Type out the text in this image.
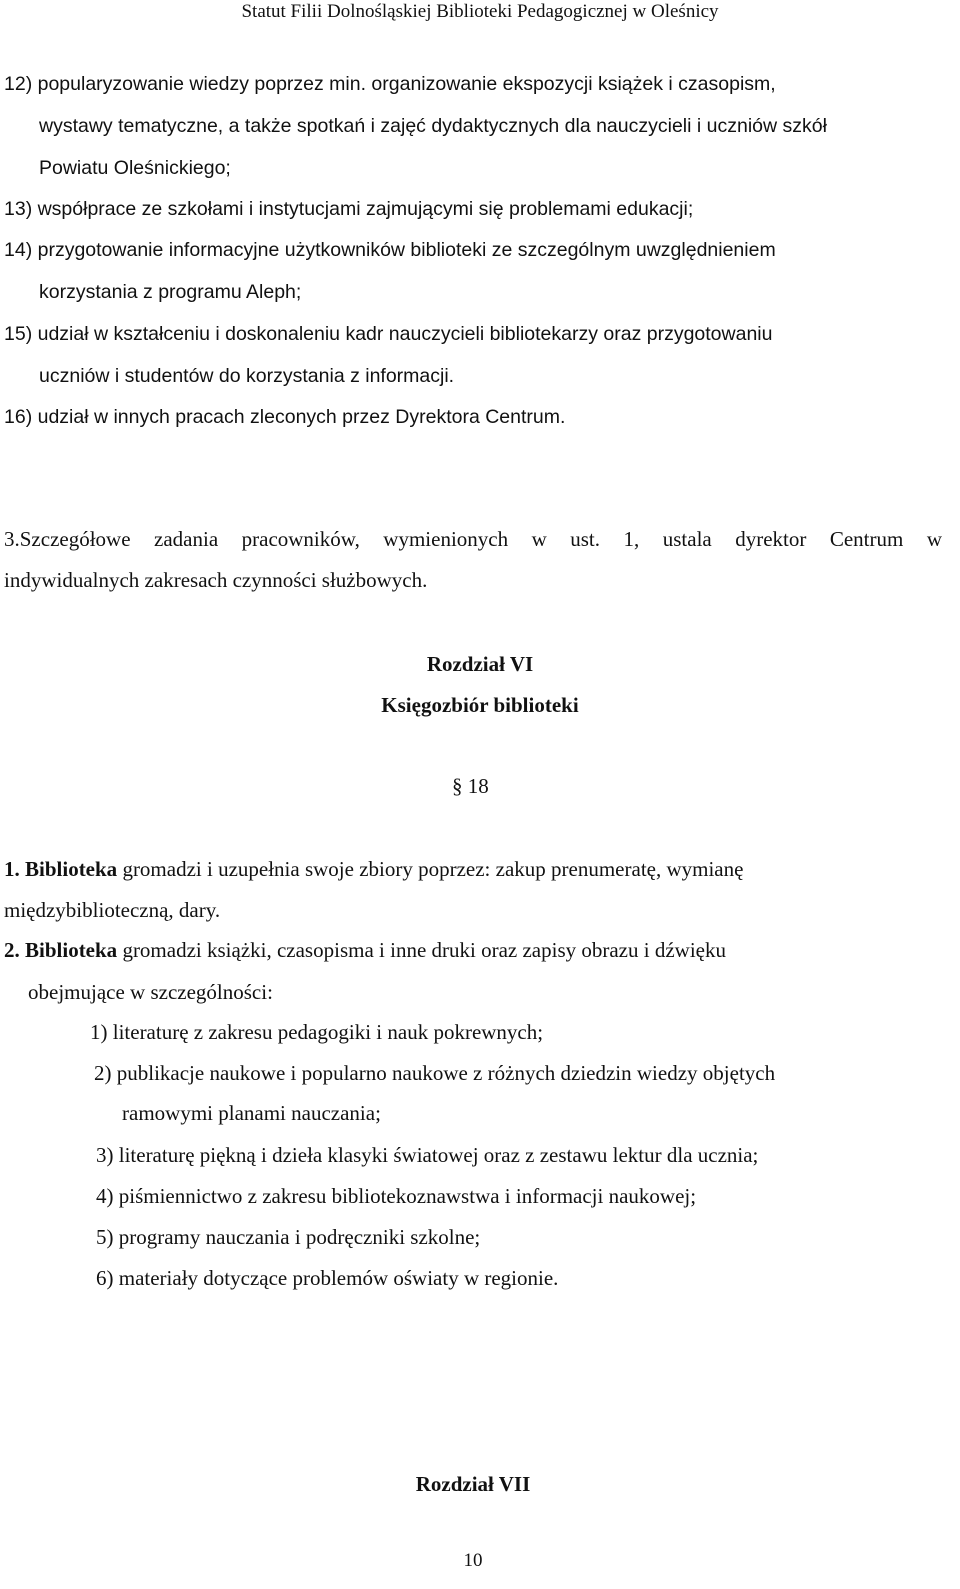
Statut Filii Dolnośląskiej Biblioteki Pedagogicznej w Oleśnicy
12) popularyzowanie wiedzy poprzez min. organizowanie ekspozycji książek i czasopism,
wystawy tematyczne, a także spotkań i zajęć dydaktycznych dla nauczycieli i uczniów szkół
Powiatu Oleśnickiego;
13) współprace ze szkołami i instytucjami zajmującymi się problemami edukacji;
14) przygotowanie informacyjne użytkowników biblioteki ze szczególnym uwzględnieniem
korzystania z programu Aleph;
15) udział w kształceniu i doskonaleniu kadr nauczycieli bibliotekarzy oraz przygotowaniu
uczniów i studentów do korzystania z informacji.
16) udział w innych pracach zleconych przez Dyrektora Centrum.
3.Szczegółowe zadania pracowników, wymienionych w ust. 1, ustala dyrektor Centrum w
indywidualnych zakresach czynności służbowych.
Rozdział VI
Księgozbiór biblioteki
§ 18
1. Biblioteka gromadzi i uzupełnia swoje zbiory poprzez: zakup prenumeratę, wymianę
międzybiblioteczną, dary.
2. Biblioteka gromadzi książki, czasopisma i inne druki oraz zapisy obrazu i dźwięku
obejmujące w szczególności:
1) literaturę z zakresu pedagogiki i nauk pokrewnych;
2) publikacje naukowe i popularno naukowe z różnych dziedzin wiedzy objętych
ramowymi planami nauczania;
3) literaturę piękną i dzieła klasyki światowej oraz z zestawu lektur dla ucznia;
4) piśmiennictwo z zakresu bibliotekoznawstwa i informacji naukowej;
5) programy nauczania i podręczniki szkolne;
6) materiały dotyczące problemów oświaty w regionie.
Rozdział VII
10
